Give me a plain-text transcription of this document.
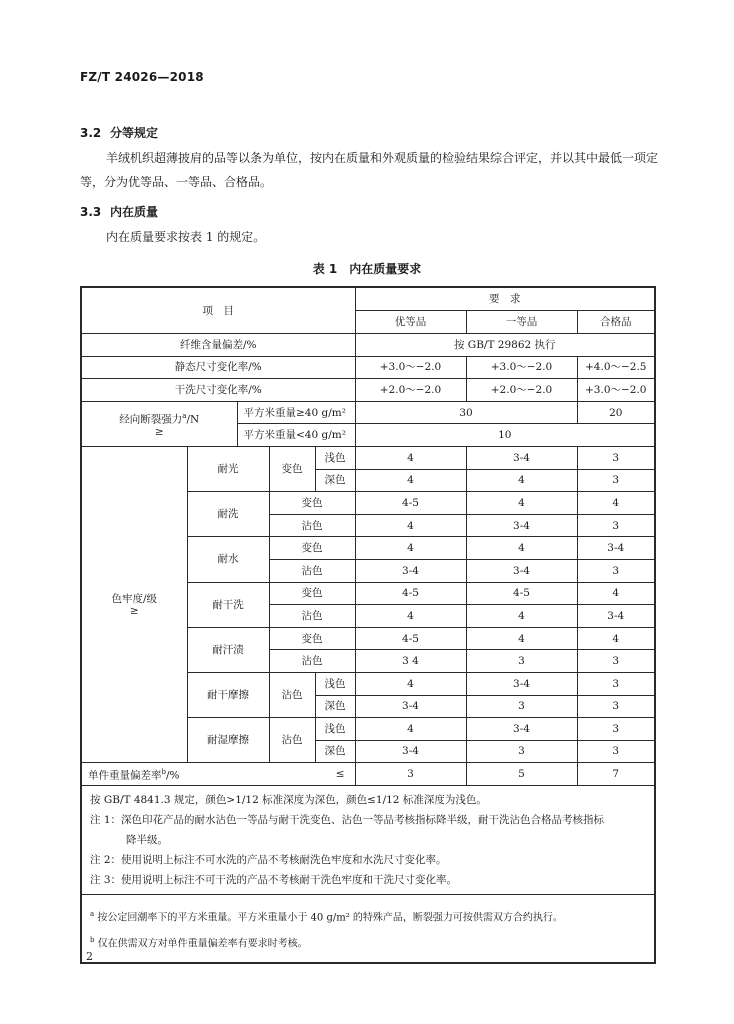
FZ/T 24026—2018
3.2 分等规定
羊绒机织超薄披肩的品等以条为单位，按内在质量和外观质量的检验结果综合评定，并以其中最低一项定等，分为优等品、一等品、合格品。
3.3 内在质量
内在质量要求按表 1 的规定。
表 1 内在质量要求
项　目					要　求		
					优等品	一等品	合格品
纤维含量偏差/%					按 GB/T 29862 执行		
静态尺寸变化率/%					+3.0～−2.0	+3.0～−2.0	+4.0～−2.5
干洗尺寸变化率/%					+2.0～−2.0	+2.0～−2.0	+3.0～−2.0
经向断裂强力$^a$/N
≥		平方米重量≥40 g/m²			30		20
		平方米重量<40 g/m²			10		
色牢度/级
≥	耐光		变色	浅色	4	3-4	3
				深色	4	4	3
	耐洗		变色		4-5	4	4
			沾色		4	3-4	3
	耐水		变色		4	4	3-4
			沾色		3-4	3-4	3
	耐干洗		变色		4-5	4-5	4
			沾色		4	4	3-4
	耐汗渍		变色		4-5	4	4
			沾色		3 4	3	3
	耐干摩擦		沾色	浅色	4	3-4	3
				深色	3-4	3	3
	耐湿摩擦		沾色	浅色	4	3-4	3
				深色	3-4	3	3
单件重量偏差率$^b$/%				≤	3	5	7

按 GB/T 4841.3 规定，颜色>1/12 标准深度为深色，颜色≤1/12 标准深度为浅色。
注 1：深色印花产品的耐水沾色一等品与耐干洗变色、沾色一等品考核指标降半级，耐干洗沾色合格品考核指标
降半级。
注 2：使用说明上标注不可水洗的产品不考核耐洗色牢度和水洗尺寸变化率。
注 3：使用说明上标注不可干洗的产品不考核耐干洗色牢度和干洗尺寸变化率。							

$^a$ 按公定回潮率下的平方米重量。平方米重量小于 40 g/m² 的特殊产品，断裂强力可按供需双方合约执行。
$^b$ 仅在供需双方对单件重量偏差率有要求时考核。							
2
